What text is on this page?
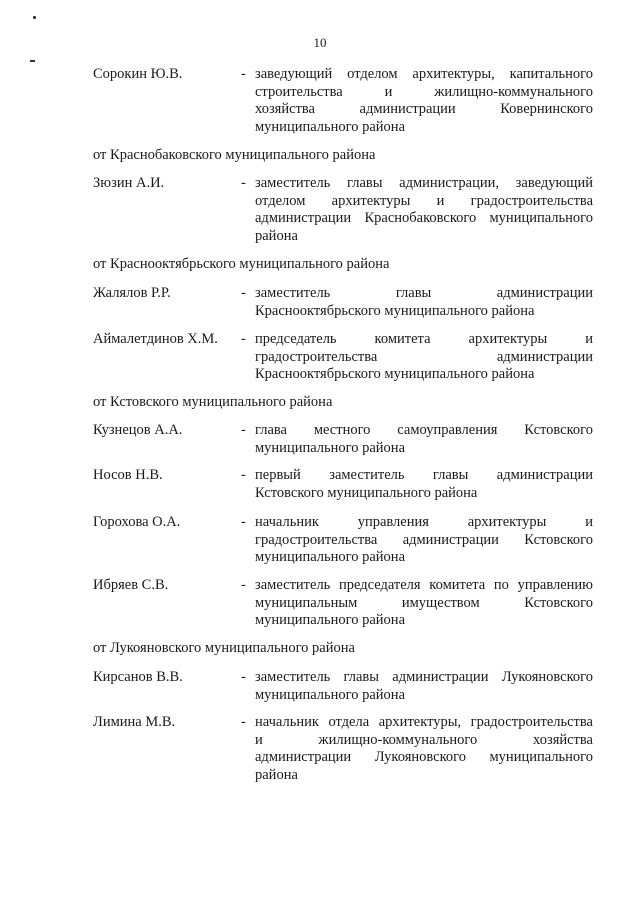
10
Сорокин Ю.В.	- заведующий отделом архитектуры, капитального
строительства и жилищно-коммунального
хозяйства администрации Ковернинского
муниципального района
от Краснобаковского муниципального района
Зюзин А.И.	- заместитель главы администрации, заведующий
отделом архитектуры и градостроительства
администрации Краснобаковского муниципального
района
от Краснооктябрьского муниципального района
Жалялов Р.Р.	- заместитель главы администрации
Краснооктябрьского муниципального района
Аймалетдинов Х.М.	- председатель комитета архитектуры и
градостроительства администрации
Краснооктябрьского муниципального района
от Кстовского муниципального района
Кузнецов А.А.	- глава местного самоуправления Кстовского
муниципального района
Носов Н.В.	- первый заместитель главы администрации
Кстовского муниципального района
Горохова О.А.	- начальник управления архитектуры и
градостроительства администрации Кстовского
муниципального района
Ибряев С.В.	- заместитель председателя комитета по управлению
муниципальным имуществом Кстовского
муниципального района
от Лукояновского муниципального района
Кирсанов В.В.	- заместитель главы администрации Лукояновского
муниципального района
Лимина М.В.	- начальник отдела архитектуры, градостроительства
и жилищно-коммунального хозяйства
администрации Лукояновского муниципального
района
